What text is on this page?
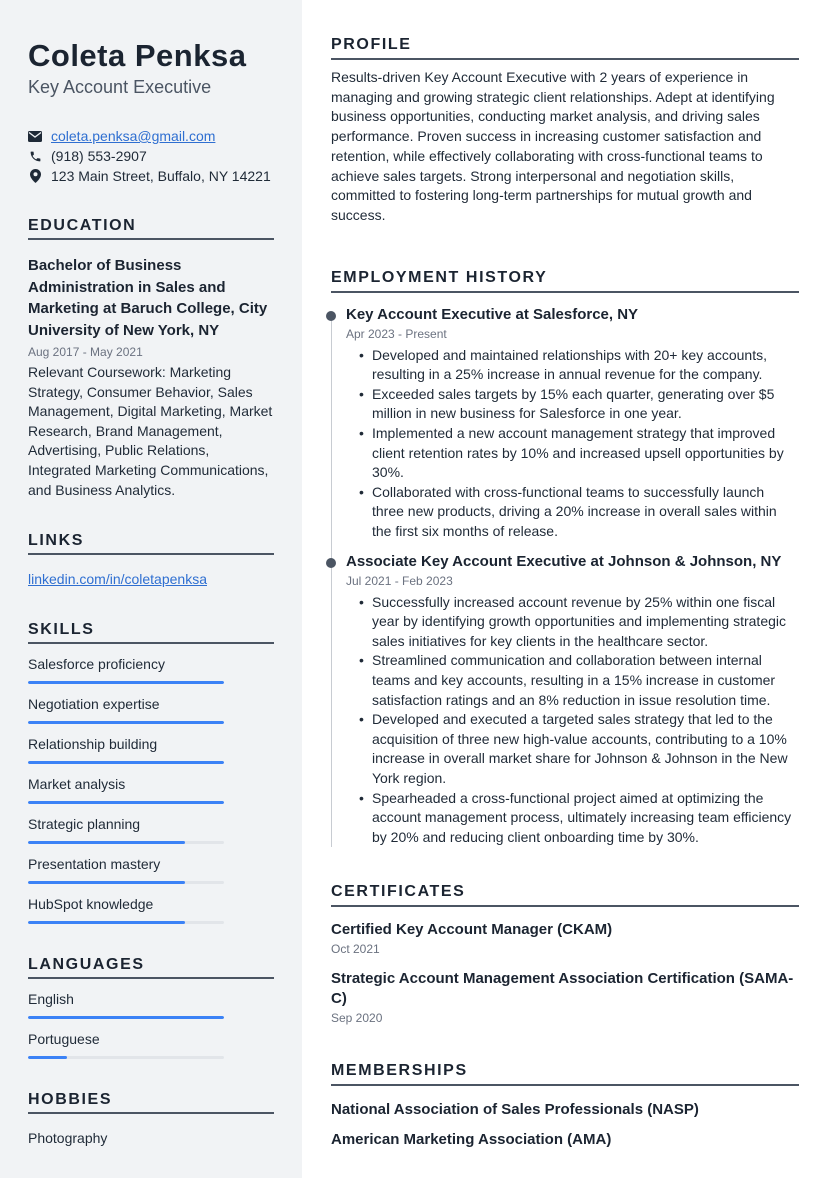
Coleta Penksa
Key Account Executive
coleta.penksa@gmail.com
(918) 553-2907
123 Main Street, Buffalo, NY 14221
EDUCATION
Bachelor of Business Administration in Sales and Marketing at Baruch College, City University of New York, NY
Aug 2017 - May 2021
Relevant Coursework: Marketing Strategy, Consumer Behavior, Sales Management, Digital Marketing, Market Research, Brand Management, Advertising, Public Relations, Integrated Marketing Communications, and Business Analytics.
LINKS
linkedin.com/in/coletapenksa
SKILLS
Salesforce proficiency
Negotiation expertise
Relationship building
Market analysis
Strategic planning
Presentation mastery
HubSpot knowledge
LANGUAGES
English
Portuguese
HOBBIES
Photography
PROFILE

Results-driven Key Account Executive with 2 years of experience in managing and growing strategic client relationships. Adept at identifying business opportunities, conducting market analysis, and driving sales performance. Proven success in increasing customer satisfaction and retention, while effectively collaborating with cross-functional teams to achieve sales targets. Strong interpersonal and negotiation skills, committed to fostering long-term partnerships for mutual growth and success.

EMPLOYMENT HISTORY
Key Account Executive at Salesforce, NY
Apr 2023 - Present
• Developed and maintained relationships with 20+ key accounts, resulting in a 25% increase in annual revenue for the company.
• Exceeded sales targets by 15% each quarter, generating over $5 million in new business for Salesforce in one year.
• Implemented a new account management strategy that improved client retention rates by 10% and increased upsell opportunities by 30%.
• Collaborated with cross-functional teams to successfully launch three new products, driving a 20% increase in overall sales within the first six months of release.
Associate Key Account Executive at Johnson & Johnson, NY
Jul 2021 - Feb 2023
• Successfully increased account revenue by 25% within one fiscal year by identifying growth opportunities and implementing strategic sales initiatives for key clients in the healthcare sector.
• Streamlined communication and collaboration between internal teams and key accounts, resulting in a 15% increase in customer satisfaction ratings and an 8% reduction in issue resolution time.
• Developed and executed a targeted sales strategy that led to the acquisition of three new high-value accounts, contributing to a 10% increase in overall market share for Johnson & Johnson in the New York region.
• Spearheaded a cross-functional project aimed at optimizing the account management process, ultimately increasing team efficiency by 20% and reducing client onboarding time by 30%.
CERTIFICATES
Certified Key Account Manager (CKAM)
Oct 2021
Strategic Account Management Association Certification (SAMA-C)
Sep 2020
MEMBERSHIPS
National Association of Sales Professionals (NASP)
American Marketing Association (AMA)
